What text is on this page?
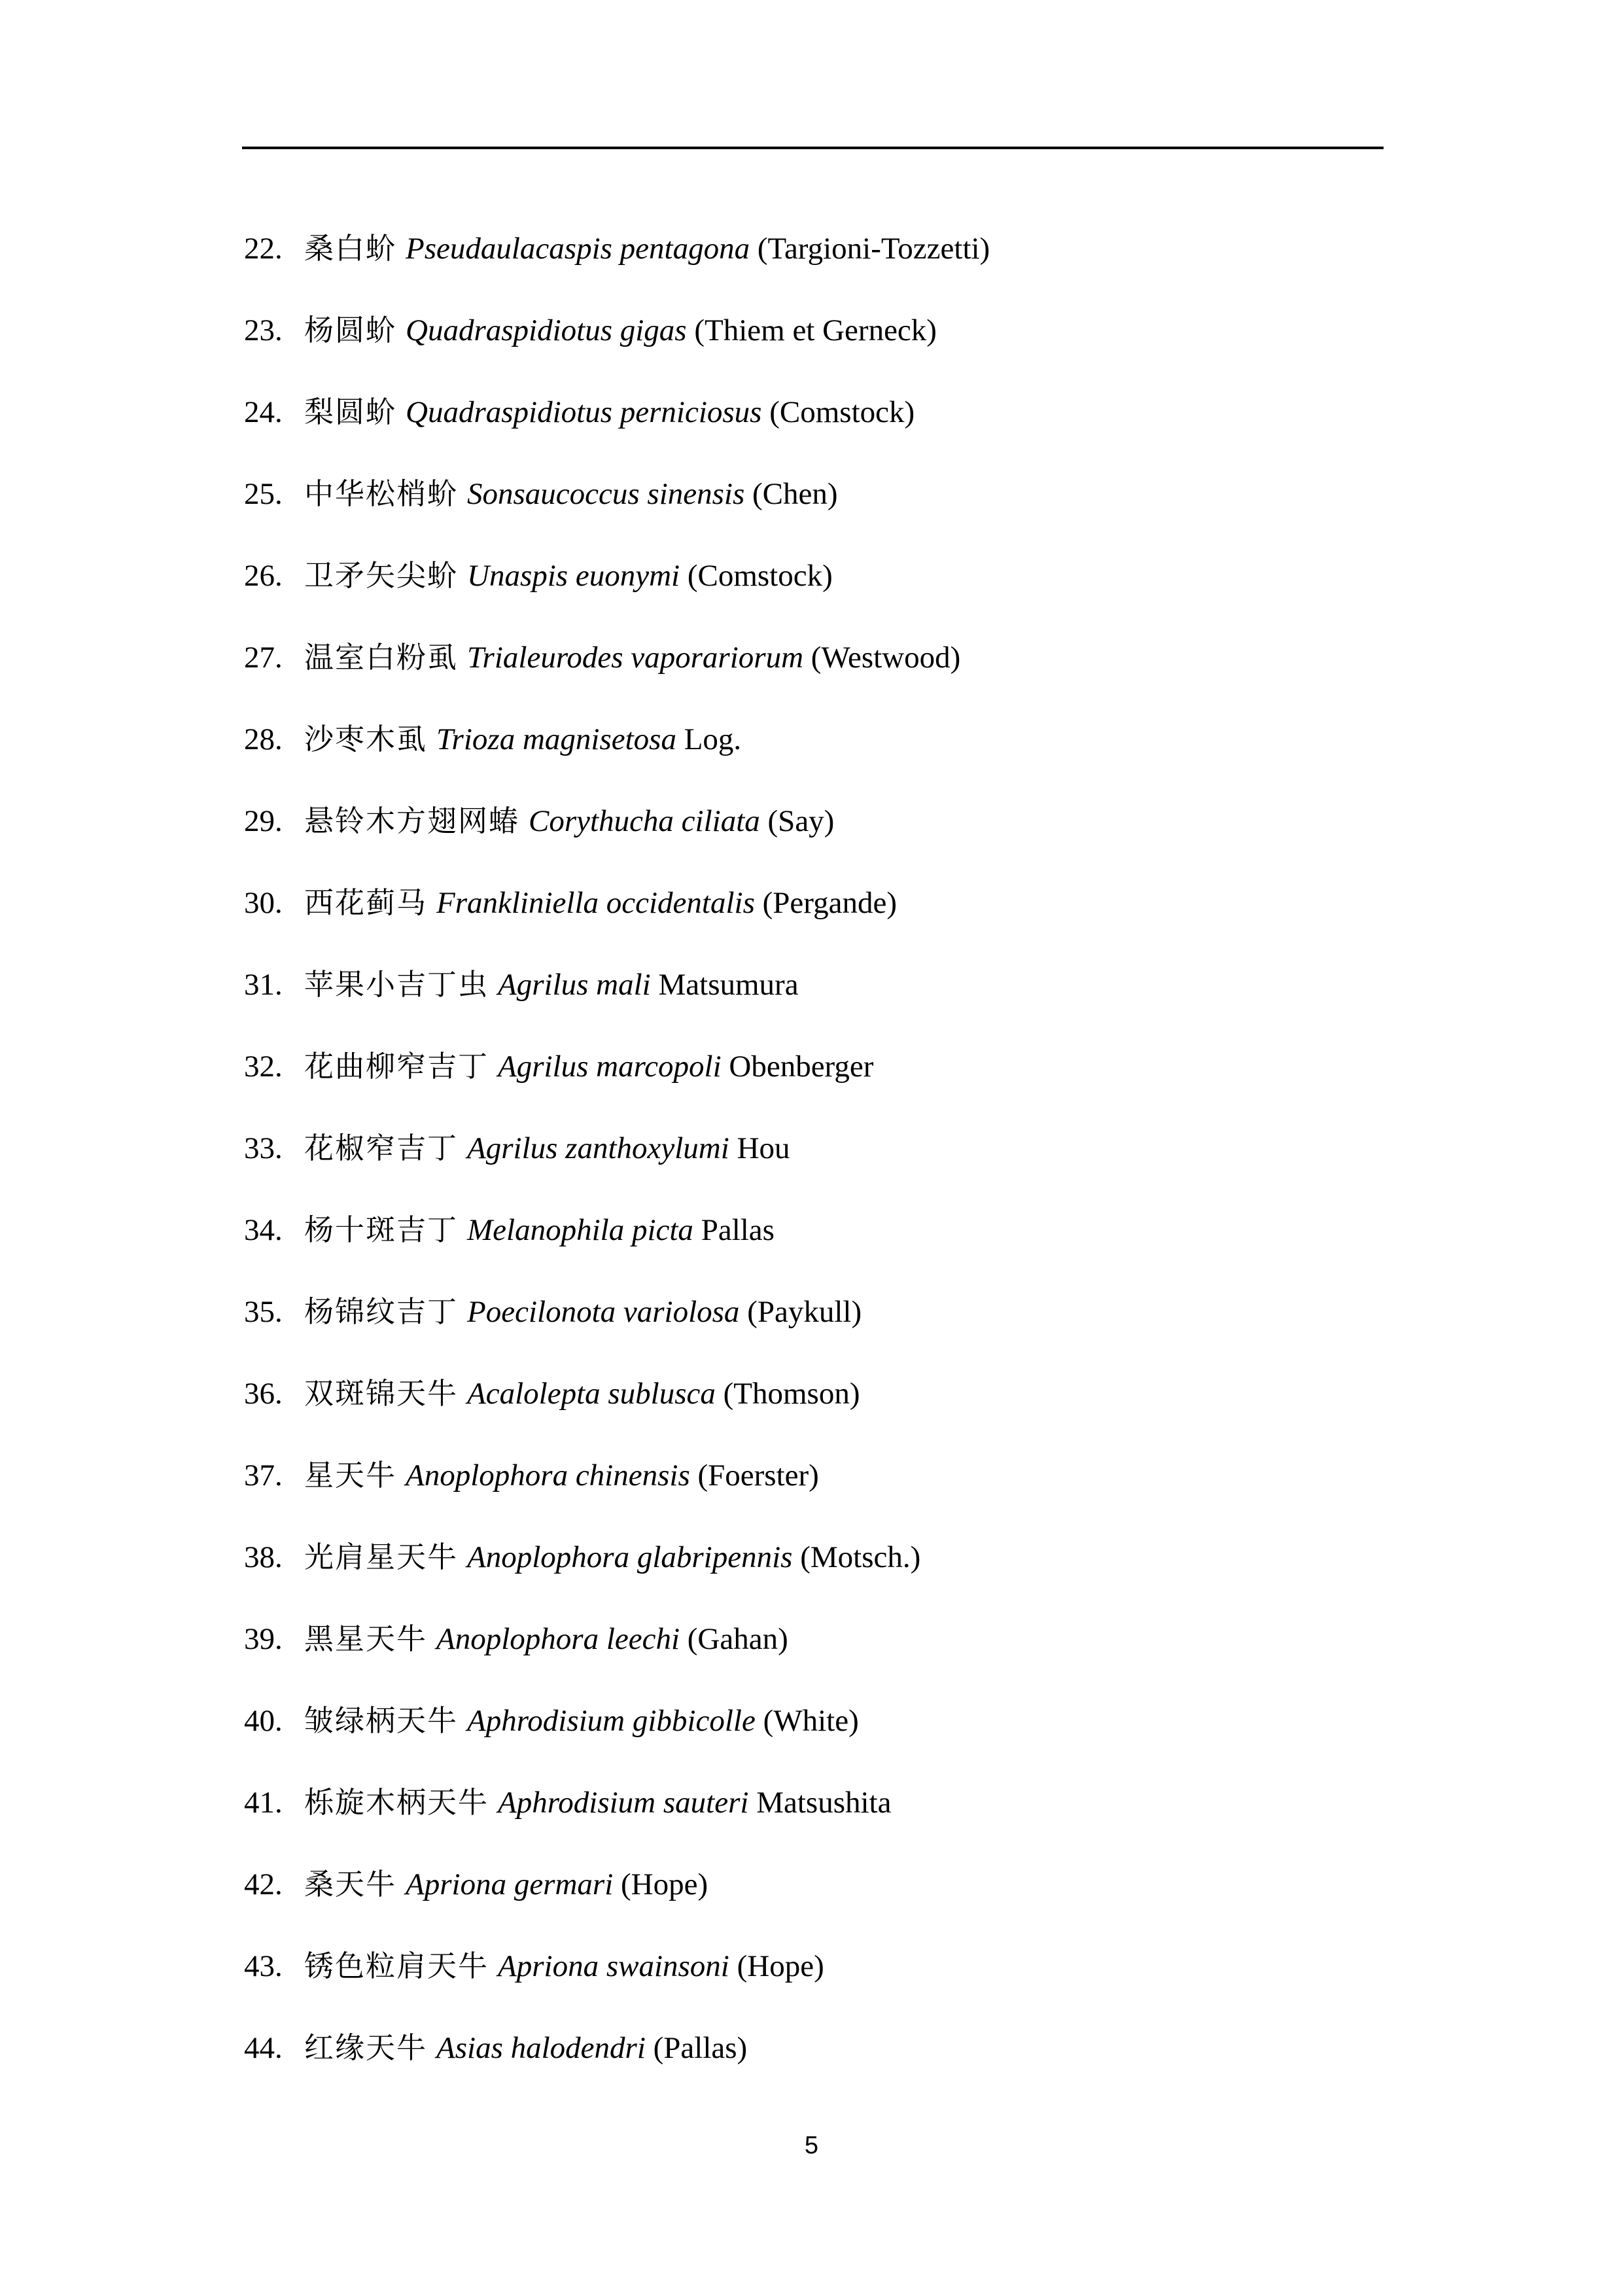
22. 桑白蚧 Pseudaulacaspis pentagona (Targioni-Tozzetti)
23. 杨圆蚧 Quadraspidiotus gigas (Thiem et Gerneck)
24. 梨圆蚧 Quadraspidiotus perniciosus (Comstock)
25. 中华松梢蚧 Sonsaucoccus sinensis (Chen)
26. 卫矛矢尖蚧 Unaspis euonymi (Comstock)
27. 温室白粉虱 Trialeurodes vaporariorum (Westwood)
28. 沙枣木虱 Trioza magnisetosa Log.
29. 悬铃木方翅网蝽 Corythucha ciliata (Say)
30. 西花蓟马 Frankliniella occidentalis (Pergande)
31. 苹果小吉丁虫 Agrilus mali Matsumura
32. 花曲柳窄吉丁 Agrilus marcopoli Obenberger
33. 花椒窄吉丁 Agrilus zanthoxylumi Hou
34. 杨十斑吉丁 Melanophila picta Pallas
35. 杨锦纹吉丁 Poecilonota variolosa (Paykull)
36. 双斑锦天牛 Acalolepta sublusca (Thomson)
37. 星天牛 Anoplophora chinensis (Foerster)
38. 光肩星天牛 Anoplophora glabripennis (Motsch.)
39. 黑星天牛 Anoplophora leechi (Gahan)
40. 皱绿柄天牛 Aphrodisium gibbicolle (White)
41. 栎旋木柄天牛 Aphrodisium sauteri Matsushita
42. 桑天牛 Apriona germari (Hope)
43. 锈色粒肩天牛 Apriona swainsoni (Hope)
44. 红缘天牛 Asias halodendri (Pallas)
5
